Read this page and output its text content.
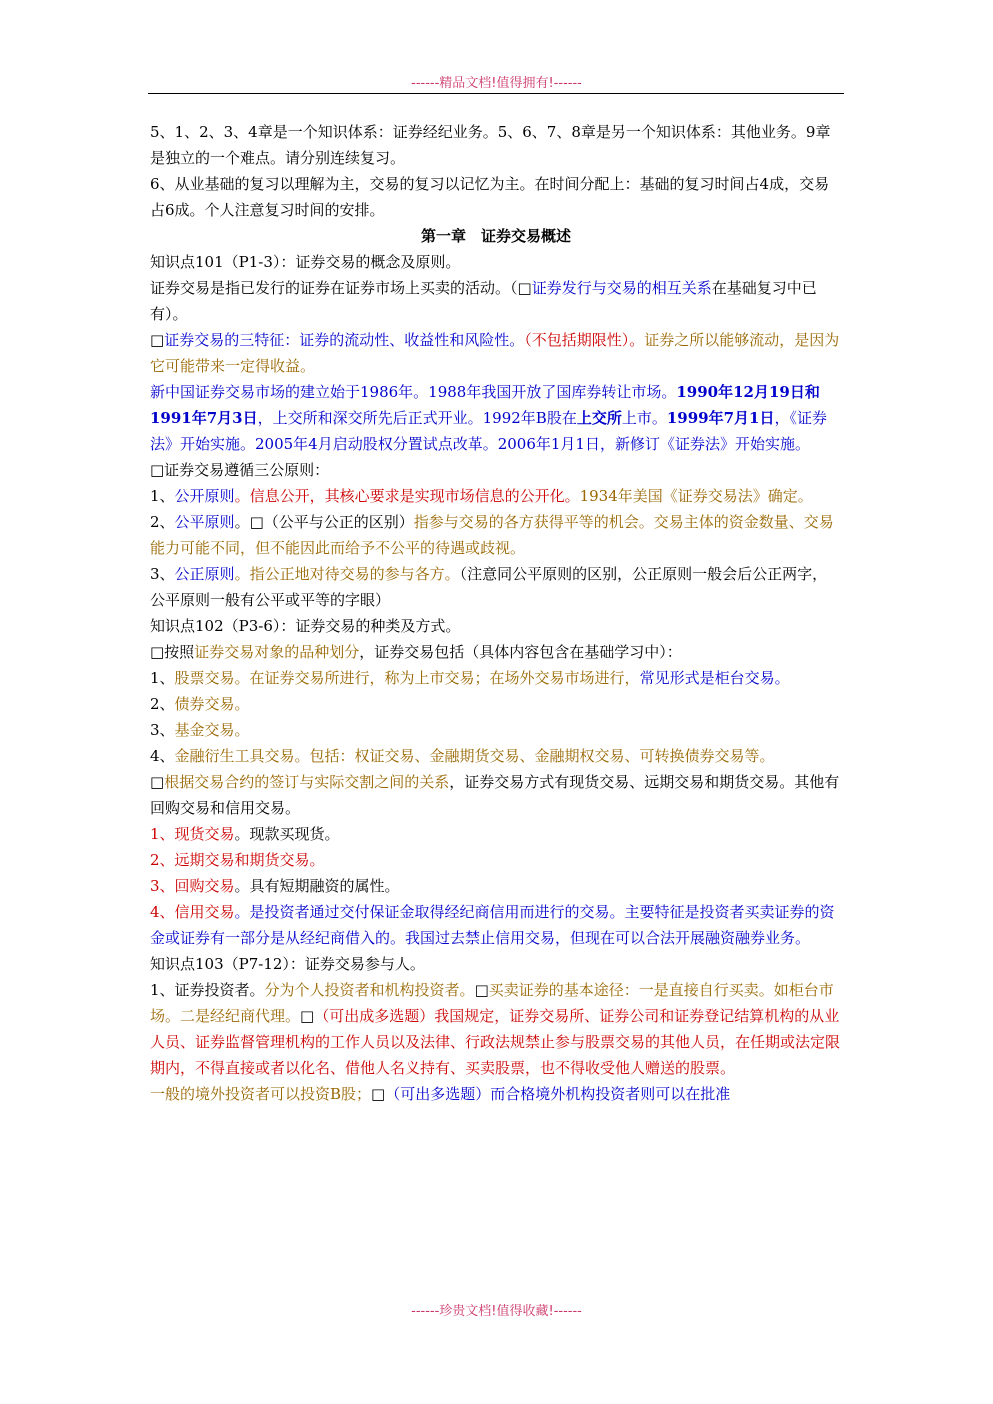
------精品文档!值得拥有!------

5、1、2、3、4章是一个知识体系：证券经纪业务。5、6、7、8章是另一个知识体系：其他业务。9章是独立的一个难点。请分别连续复习。

6、从业基础的复习以理解为主，交易的复习以记忆为主。在时间分配上：基础的复习时间占4成，交易占6成。个人注意复习时间的安排。

第一章　证券交易概述

知识点101（P1-3）：证券交易的概念及原则。

证券交易是指已发行的证券在证券市场上买卖的活动。（□证券发行与交易的相互关系在基础复习中已有）。

□证券交易的三特征：证券的流动性、收益性和风险性。（不包括期限性）。证券之所以能够流动，是因为它可能带来一定得收益。

新中国证券交易市场的建立始于1986年。1988年我国开放了国库券转让市场。1990年12月19日和1991年7月3日，上交所和深交所先后正式开业。1992年B股在上交所上市。1999年7月1日，《证券法》开始实施。2005年4月启动股权分置试点改革。2006年1月1日，新修订《证券法》开始实施。

□证券交易遵循三公原则：

1、公开原则。信息公开，其核心要求是实现市场信息的公开化。1934年美国《证券交易法》确定。

2、公平原则。□（公平与公正的区别）指参与交易的各方获得平等的机会。交易主体的资金数量、交易能力可能不同，但不能因此而给予不公平的待遇或歧视。

3、公正原则。指公正地对待交易的参与各方。（注意同公平原则的区别，公正原则一般会后公正两字，公平原则一般有公平或平等的字眼）

知识点102（P3-6）：证券交易的种类及方式。

□按照证券交易对象的品种划分，证券交易包括（具体内容包含在基础学习中）：

1、股票交易。在证券交易所进行，称为上市交易；在场外交易市场进行，常见形式是柜台交易。

2、债券交易。

3、基金交易。

4、金融衍生工具交易。包括：权证交易、金融期货交易、金融期权交易、可转换债券交易等。

□根据交易合约的签订与实际交割之间的关系，证券交易方式有现货交易、远期交易和期货交易。其他有回购交易和信用交易。

1、现货交易。现款买现货。

2、远期交易和期货交易。

3、回购交易。具有短期融资的属性。

4、信用交易。是投资者通过交付保证金取得经纪商信用而进行的交易。主要特征是投资者买卖证券的资金或证券有一部分是从经纪商借入的。我国过去禁止信用交易，但现在可以合法开展融资融券业务。

知识点103（P7-12）：证券交易参与人。

1、证券投资者。分为个人投资者和机构投资者。□买卖证券的基本途径：一是直接自行买卖。如柜台市场。二是经纪商代理。□（可出成多选题）我国规定，证券交易所、证券公司和证券登记结算机构的从业人员、证券监督管理机构的工作人员以及法律、行政法规禁止参与股票交易的其他人员，在任期或法定限期内，不得直接或者以化名、借他人名义持有、买卖股票，也不得收受他人赠送的股票。

一般的境外投资者可以投资B股；□（可出多选题）而合格境外机构投资者则可以在批准

------珍贵文档!值得收藏!------
